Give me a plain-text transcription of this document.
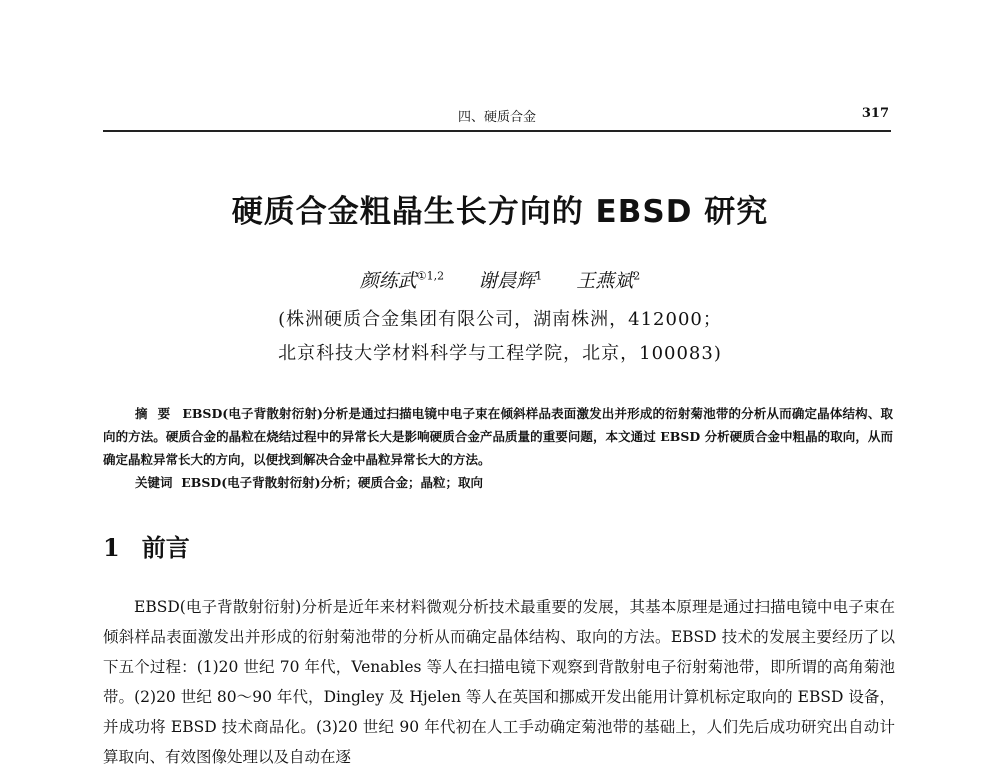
四、硬质合金	317
硬质合金粗晶生长方向的 EBSD 研究
颜练武$^{①1,2}$ 谢晨辉$^1$ 王燕斌$^2$
(株洲硬质合金集团有限公司，湖南株洲，412000；
北京科技大学材料科学与工程学院，北京，100083)

摘要 EBSD(电子背散射衍射)分析是通过扫描电镜中电子束在倾斜样品表面激发出并形成的衍射菊池带的分析从而确定晶体结构、取向的方法。硬质合金的晶粒在烧结过程中的异常长大是影响硬质合金产品质量的重要问题，本文通过 EBSD 分析硬质合金中粗晶的取向，从而确定晶粒异常长大的方向，以便找到解决合金中晶粒异常长大的方法。

关键词 EBSD(电子背散射衍射)分析；硬质合金；晶粒；取向

1 前言

EBSD(电子背散射衍射)分析是近年来材料微观分析技术最重要的发展，其基本原理是通过扫描电镜中电子束在倾斜样品表面激发出并形成的衍射菊池带的分析从而确定晶体结构、取向的方法。EBSD 技术的发展主要经历了以下五个过程：(1)20 世纪 70 年代，Venables 等人在扫描电镜下观察到背散射电子衍射菊池带，即所谓的高角菊池带。(2)20 世纪 80～90 年代，Dingley 及 Hjelen 等人在英国和挪威开发出能用计算机标定取向的 EBSD 设备，并成功将 EBSD 技术商品化。(3)20 世纪 90 年代初在人工手动确定菊池带的基础上，人们先后成功研究出自动计算取向、有效图像处理以及自动在逐
